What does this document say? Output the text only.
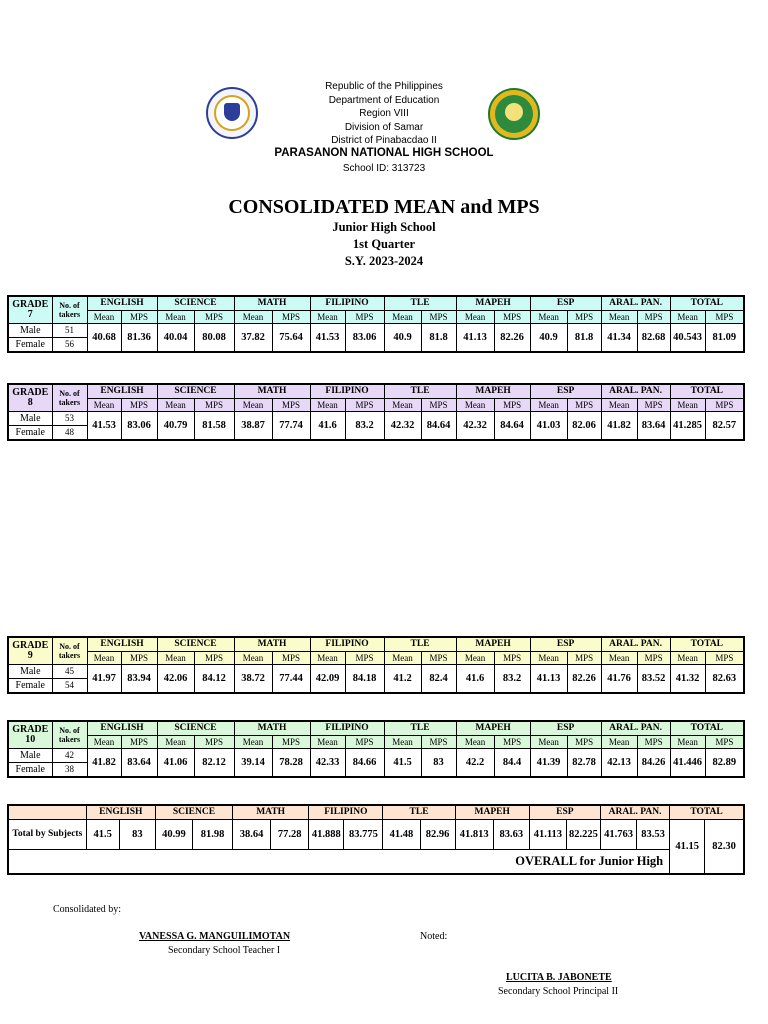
Republic of the Philippines
Department of Education
Region VIII
Division of Samar
District of Pinabacdao II
PARASANON NATIONAL HIGH SCHOOL
School ID: 313723
CONSOLIDATED MEAN and MPS
Junior High School
1st Quarter
S.Y. 2023-2024
GRADE 7	No. of takers	ENGLISH		SCIENCE		MATH		FILIPINO		TLE		MAPEH		ESP		ARAL. PAN.		TOTAL	
		Mean	MPS	Mean	MPS	Mean	MPS	Mean	MPS	Mean	MPS	Mean	MPS	Mean	MPS	Mean	MPS	Mean	MPS
Male	51	40.68	81.36	40.04	80.08	37.82	75.64	41.53	83.06	40.9	81.8	41.13	82.26	40.9	81.8	41.34	82.68	40.543	81.09
Female	56																		
GRADE 8	No. of takers	ENGLISH		SCIENCE		MATH		FILIPINO		TLE		MAPEH		ESP		ARAL. PAN.		TOTAL	
		Mean	MPS	Mean	MPS	Mean	MPS	Mean	MPS	Mean	MPS	Mean	MPS	Mean	MPS	Mean	MPS	Mean	MPS
Male	53	41.53	83.06	40.79	81.58	38.87	77.74	41.6	83.2	42.32	84.64	42.32	84.64	41.03	82.06	41.82	83.64	41.285	82.57
Female	48																		
GRADE 9	No. of takers	ENGLISH		SCIENCE		MATH		FILIPINO		TLE		MAPEH		ESP		ARAL. PAN.		TOTAL	
		Mean	MPS	Mean	MPS	Mean	MPS	Mean	MPS	Mean	MPS	Mean	MPS	Mean	MPS	Mean	MPS	Mean	MPS
Male	45	41.97	83.94	42.06	84.12	38.72	77.44	42.09	84.18	41.2	82.4	41.6	83.2	41.13	82.26	41.76	83.52	41.32	82.63
Female	54																		
GRADE 10	No. of takers	ENGLISH		SCIENCE		MATH		FILIPINO		TLE		MAPEH		ESP		ARAL. PAN.		TOTAL	
		Mean	MPS	Mean	MPS	Mean	MPS	Mean	MPS	Mean	MPS	Mean	MPS	Mean	MPS	Mean	MPS	Mean	MPS
Male	42	41.82	83.64	41.06	82.12	39.14	78.28	42.33	84.66	41.5	83	42.2	84.4	41.39	82.78	42.13	84.26	41.446	82.89
Female	38																		
	ENGLISH		SCIENCE		MATH		FILIPINO		TLE		MAPEH		ESP		ARAL. PAN.		TOTAL	
Total by Subjects	41.5	83	40.99	81.98	38.64	77.28	41.888	83.775	41.48	82.96	41.813	83.63	41.113	82.225	41.763	83.53	41.15	82.30
OVERALL for Junior High																		
Consolidated by:
VANESSA G. MANGUILIMOTAN
Secondary School Teacher I
Noted:
LUCITA B. JABONETE
Secondary School Principal II
